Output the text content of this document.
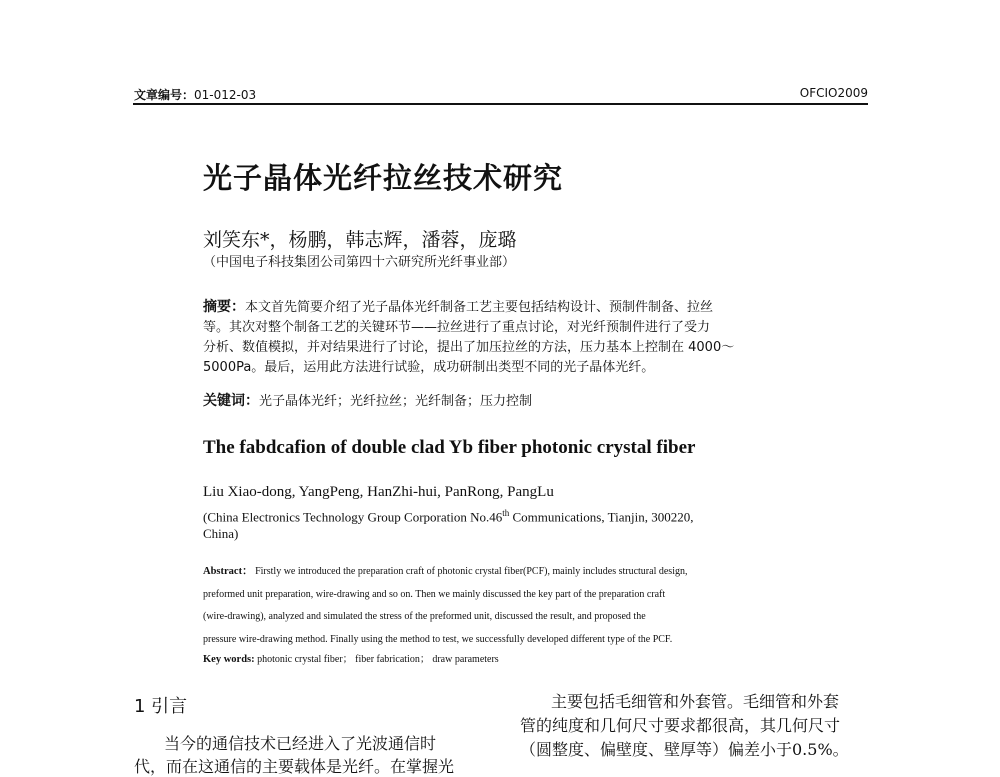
文章编号：01-012-03	OFCIO2009
光子晶体光纤拉丝技术研究
刘笑东*，杨鹏，韩志辉，潘蓉，庞璐
（中国电子科技集团公司第四十六研究所光纤事业部）
摘要：本文首先简要介绍了光子晶体光纤制备工艺主要包括结构设计、预制件制备、拉丝
等。其次对整个制备工艺的关键环节——拉丝进行了重点讨论，对光纤预制件进行了受力
分析、数值模拟，并对结果进行了讨论，提出了加压拉丝的方法，压力基本上控制在 4000～
5000Pa。最后，运用此方法进行试验，成功研制出类型不同的光子晶体光纤。
关键词：光子晶体光纤；光纤拉丝；光纤制备；压力控制
The fabdcafion of double clad Yb fiber photonic crystal fiber
Liu Xiao-dong, YangPeng, HanZhi-hui, PanRong, PangLu
(China Electronics Technology Group Corporation No.46th Communications, Tianjin, 300220,
China)
Abstract： Firstly we introduced the preparation craft of photonic crystal fiber(PCF), mainly includes structural design,
preformed unit preparation, wire-drawing and so on. Then we mainly discussed the key part of the preparation craft
(wire-drawing), analyzed and simulated the stress of the preformed unit, discussed the result, and proposed the
pressure wire-drawing method. Finally using the method to test, we successfully developed different type of the PCF.
Key words: photonic crystal fiber； fiber fabrication； draw parameters
1 引言
当今的通信技术已经进入了光波通信时
代，而在这通信的主要载体是光纤。在掌握光
主要包括毛细管和外套管。毛细管和外套
管的纯度和几何尺寸要求都很高，其几何尺寸
（圆整度、偏壁度、壁厚等）偏差小于0.5%。
